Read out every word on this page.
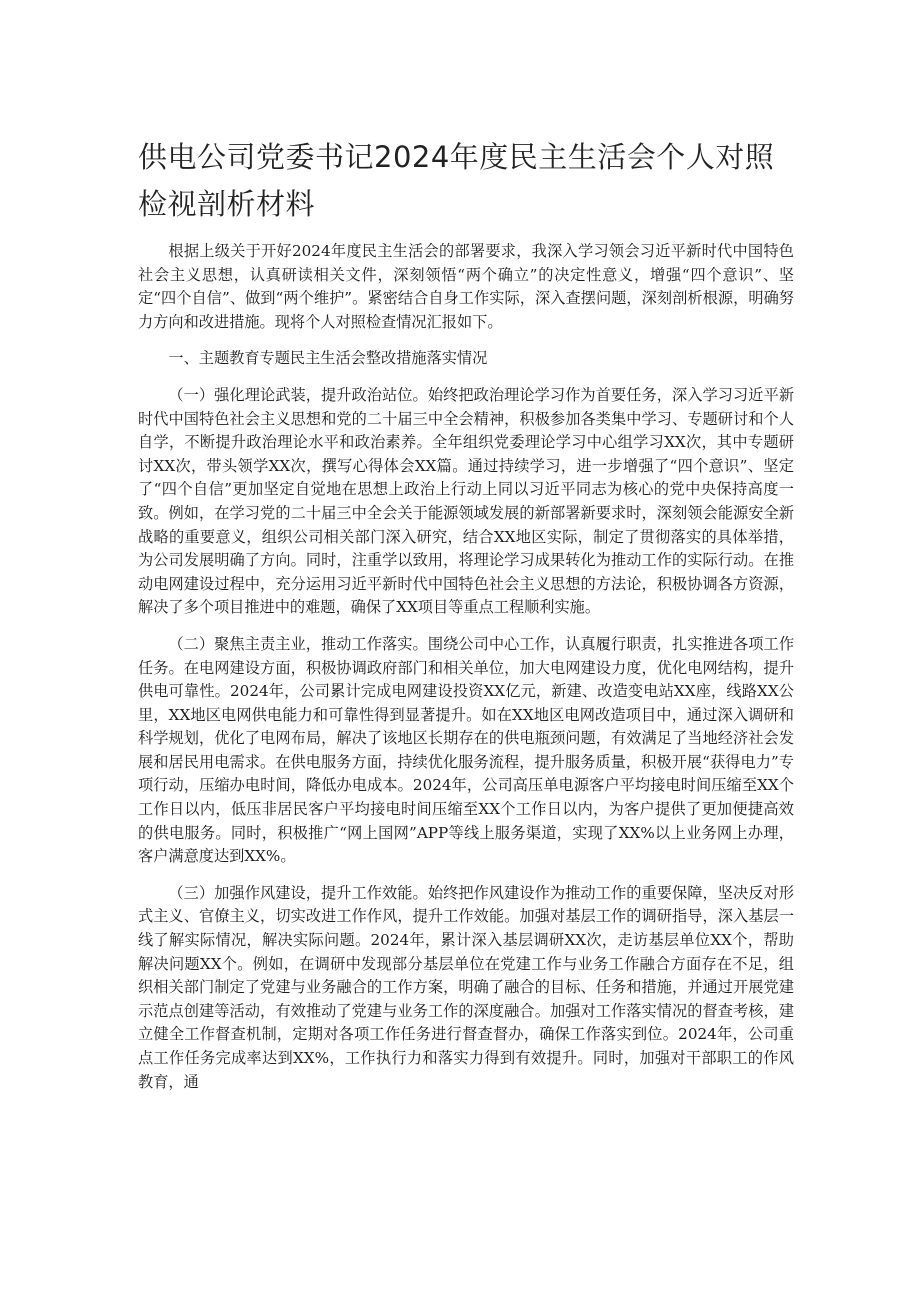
供电公司党委书记2024年度民主生活会个人对照检视剖析材料

根据上级关于开好2024年度民主生活会的部署要求，我深入学习领会习近平新时代中国特色社会主义思想，认真研读相关文件，深刻领悟“两个确立”的决定性意义，增强“四个意识”、坚定“四个自信”、做到“两个维护”。紧密结合自身工作实际，深入查摆问题，深刻剖析根源，明确努力方向和改进措施。现将个人对照检查情况汇报如下。

一、主题教育专题民主生活会整改措施落实情况

（一）强化理论武装，提升政治站位。始终把政治理论学习作为首要任务，深入学习习近平新时代中国特色社会主义思想和党的二十届三中全会精神，积极参加各类集中学习、专题研讨和个人自学，不断提升政治理论水平和政治素养。全年组织党委理论学习中心组学习XX次，其中专题研讨XX次，带头领学XX次，撰写心得体会XX篇。通过持续学习，进一步增强了“四个意识”、坚定了“四个自信”更加坚定自觉地在思想上政治上行动上同以习近平同志为核心的党中央保持高度一致。例如，在学习党的二十届三中全会关于能源领域发展的新部署新要求时，深刻领会能源安全新战略的重要意义，组织公司相关部门深入研究，结合XX地区实际，制定了贯彻落实的具体举措，为公司发展明确了方向。同时，注重学以致用，将理论学习成果转化为推动工作的实际行动。在推动电网建设过程中，充分运用习近平新时代中国特色社会主义思想的方法论，积极协调各方资源，解决了多个项目推进中的难题，确保了XX项目等重点工程顺利实施。

（二）聚焦主责主业，推动工作落实。围绕公司中心工作，认真履行职责，扎实推进各项工作任务。在电网建设方面，积极协调政府部门和相关单位，加大电网建设力度，优化电网结构，提升供电可靠性。2024年，公司累计完成电网建设投资XX亿元，新建、改造变电站XX座，线路XX公里，XX地区电网供电能力和可靠性得到显著提升。如在XX地区电网改造项目中，通过深入调研和科学规划，优化了电网布局，解决了该地区长期存在的供电瓶颈问题，有效满足了当地经济社会发展和居民用电需求。在供电服务方面，持续优化服务流程，提升服务质量，积极开展“获得电力”专项行动，压缩办电时间，降低办电成本。2024年，公司高压单电源客户平均接电时间压缩至XX个工作日以内，低压非居民客户平均接电时间压缩至XX个工作日以内，为客户提供了更加便捷高效的供电服务。同时，积极推广“网上国网”APP等线上服务渠道，实现了XX%以上业务网上办理，客户满意度达到XX%。

（三）加强作风建设，提升工作效能。始终把作风建设作为推动工作的重要保障，坚决反对形式主义、官僚主义，切实改进工作作风，提升工作效能。加强对基层工作的调研指导，深入基层一线了解实际情况，解决实际问题。2024年，累计深入基层调研XX次，走访基层单位XX个，帮助解决问题XX个。例如，在调研中发现部分基层单位在党建工作与业务工作融合方面存在不足，组织相关部门制定了党建与业务融合的工作方案，明确了融合的目标、任务和措施，并通过开展党建示范点创建等活动，有效推动了党建与业务工作的深度融合。加强对工作落实情况的督查考核，建立健全工作督查机制，定期对各项工作任务进行督查督办，确保工作落实到位。2024年，公司重点工作任务完成率达到XX%，工作执行力和落实力得到有效提升。同时，加强对干部职工的作风教育，通
